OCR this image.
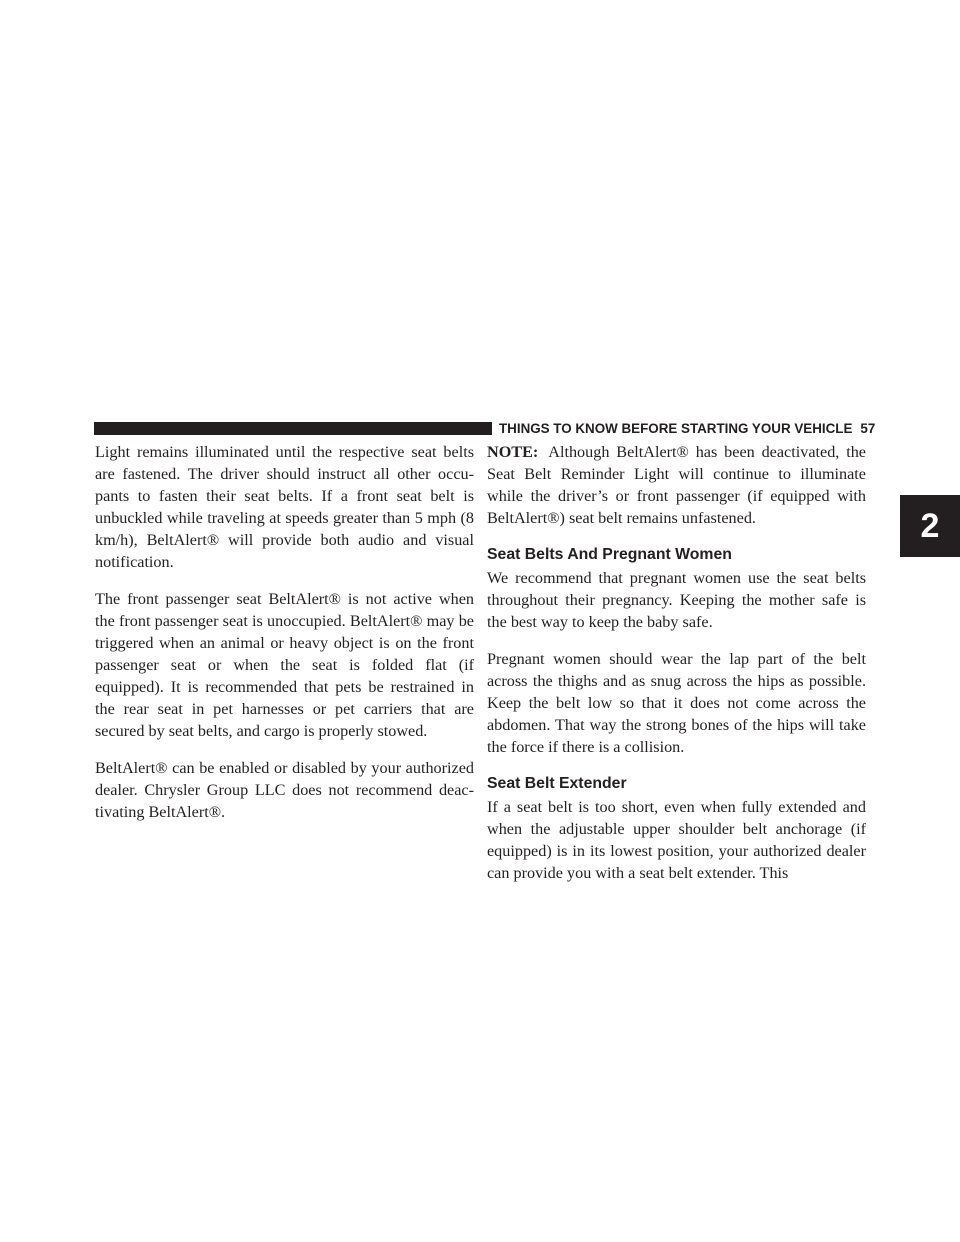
THINGS TO KNOW BEFORE STARTING YOUR VEHICLE 57
2

Light remains illuminated until the respective seat belts are fastened. The driver should instruct all other occupants to fasten their seat belts. If a front seat belt is unbuckled while traveling at speeds greater than 5 mph (8 km/h), BeltAlert® will provide both audio and visual notification.

The front passenger seat BeltAlert® is not active when the front passenger seat is unoccupied. BeltAlert® may be triggered when an animal or heavy object is on the front passenger seat or when the seat is folded flat (if equipped). It is recommended that pets be restrained in the rear seat in pet harnesses or pet carriers that are secured by seat belts, and cargo is properly stowed.

BeltAlert® can be enabled or disabled by your authorized dealer. Chrysler Group LLC does not recommend deactivating BeltAlert®.

NOTE: Although BeltAlert® has been deactivated, the Seat Belt Reminder Light will continue to illuminate while the driver’s or front passenger (if equipped with BeltAlert®) seat belt remains unfastened.

Seat Belts And Pregnant Women

We recommend that pregnant women use the seat belts throughout their pregnancy. Keeping the mother safe is the best way to keep the baby safe.

Pregnant women should wear the lap part of the belt across the thighs and as snug across the hips as possible. Keep the belt low so that it does not come across the abdomen. That way the strong bones of the hips will take the force if there is a collision.

Seat Belt Extender

If a seat belt is too short, even when fully extended and when the adjustable upper shoulder belt anchorage (if equipped) is in its lowest position, your authorized dealer can provide you with a seat belt extender. This
